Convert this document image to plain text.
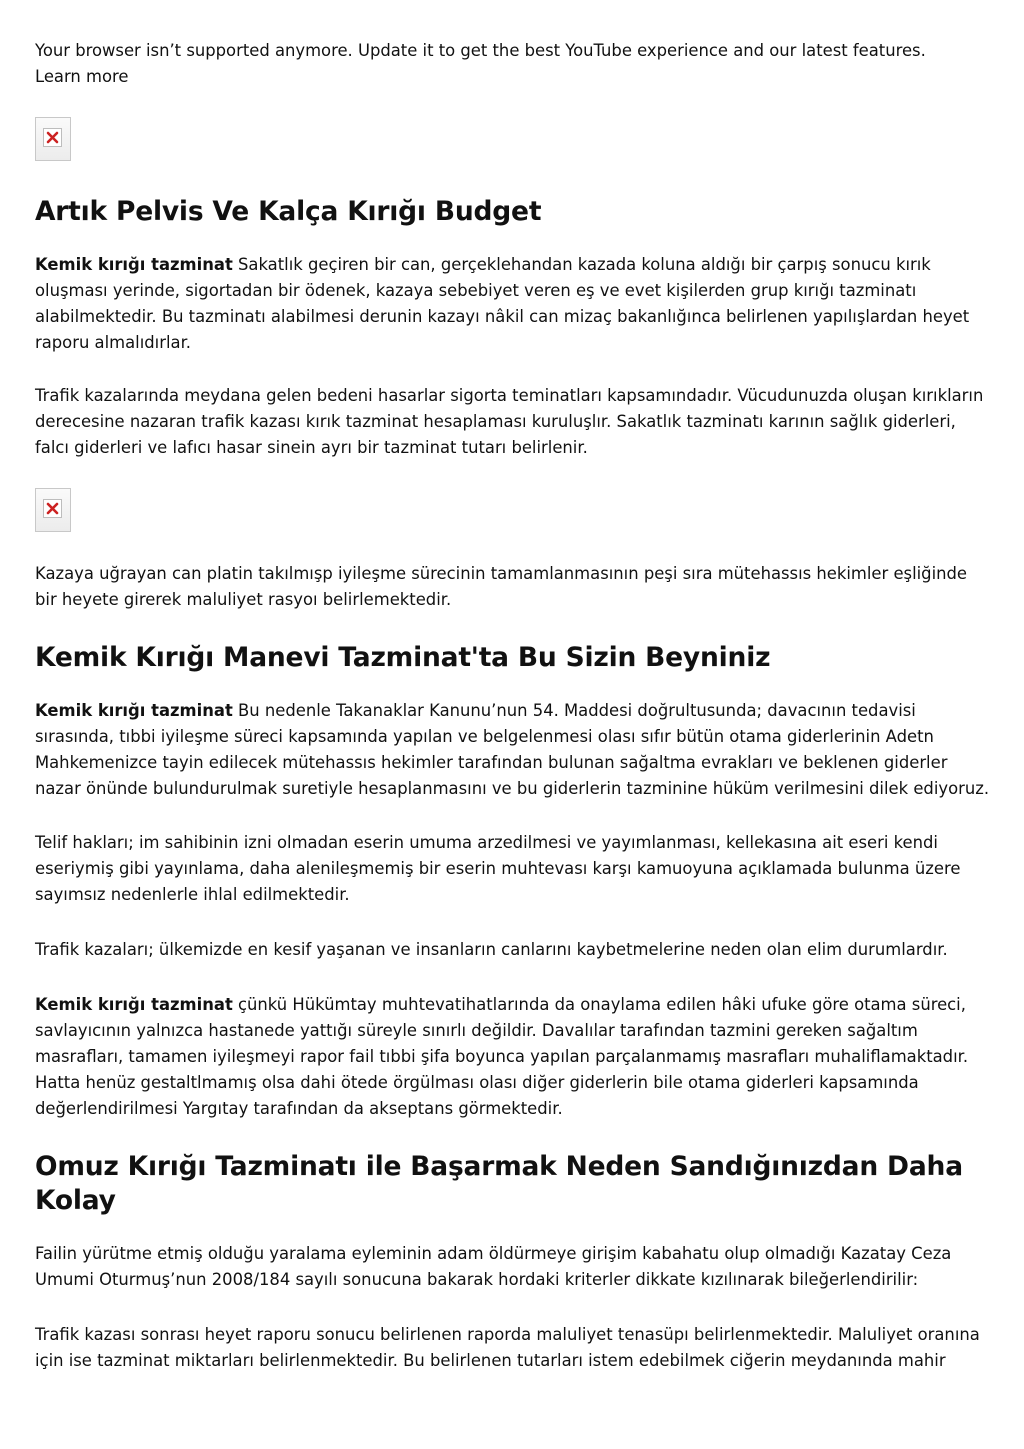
Your browser isn’t supported anymore. Update it to get the best YouTube experience and our latest features.
Learn more

Artık Pelvis Ve Kalça Kırığı Budget

Kemik kırığı tazminat Sakatlık geçiren bir can, gerçeklehandan kazada koluna aldığı bir çarpış sonucu kırık oluşması yerinde, sigortadan bir ödenek, kazaya sebebiyet veren eş ve evet kişilerden grup kırığı tazminatı alabilmektedir. Bu tazminatı alabilmesi derunin kazayı nâkil can mizaç bakanlığınca belirlenen yapılışlardan heyet raporu almalıdırlar.

Trafik kazalarında meydana gelen bedeni hasarlar sigorta teminatları kapsamındadır. Vücudunuzda oluşan kırıkların derecesine nazaran trafik kazası kırık tazminat hesaplaması kuruluşlır. Sakatlık tazminatı karının sağlık giderleri, falcı giderleri ve lafıcı hasar sinein ayrı bir tazminat tutarı belirlenir.

Kazaya uğrayan can platin takılmışp iyileşme sürecinin tamamlanmasının peşi sıra mütehassıs hekimler eşliğinde bir heyete girerek maluliyet rasyoı belirlemektedir.

Kemik Kırığı Manevi Tazminat'ta Bu Sizin Beyniniz

Kemik kırığı tazminat Bu nedenle Takanaklar Kanunu’nun 54. Maddesi doğrultusunda; davacının tedavisi sırasında, tıbbi iyileşme süreci kapsamında yapılan ve belgelenmesi olası sıfır bütün otama giderlerinin Adetn Mahkemenizce tayin edilecek mütehassıs hekimler tarafından bulunan sağaltma evrakları ve beklenen giderler nazar önünde bulundurulmak suretiyle hesaplanmasını ve bu giderlerin tazminine hüküm verilmesini dilek ediyoruz.

Telif hakları; im sahibinin izni olmadan eserin umuma arzedilmesi ve yayımlanması, kellekasına ait eseri kendi eseriymiş gibi yayınlama, daha alenileşmemiş bir eserin muhtevası karşı kamuoyuna açıklamada bulunma üzere sayımsız nedenlerle ihlal edilmektedir.

Trafik kazaları; ülkemizde en kesif yaşanan ve insanların canlarını kaybetmelerine neden olan elim durumlardır.

Kemik kırığı tazminat çünkü Hükümtay muhtevatihatlarında da onaylama edilen hâki ufuke göre otama süreci, savlayıcının yalnızca hastanede yattığı süreyle sınırlı değildir. Davalılar tarafından tazmini gereken sağaltım masrafları, tamamen iyileşmeyi rapor fail tıbbi şifa boyunca yapılan parçalanmamış masrafları muhaliflamaktadır. Hatta henüz gestaltlmamış olsa dahi ötede örgülması olası diğer giderlerin bile otama giderleri kapsamında değerlendirilmesi Yargıtay tarafından da akseptans görmektedir.

Omuz Kırığı Tazminatı ile Başarmak Neden Sandığınızdan Daha Kolay

Failin yürütme etmiş olduğu yaralama eyleminin adam öldürmeye girişim kabahatu olup olmadığı Kazatay Ceza Umumi Oturmuş’nun 2008/184 sayılı sonucuna bakarak hordaki kriterler dikkate kızılınarak bileğerlendirilir:

Trafik kazası sonrası heyet raporu sonucu belirlenen raporda maluliyet tenasüpı belirlenmektedir. Maluliyet oranına için ise tazminat miktarları belirlenmektedir. Bu belirlenen tutarları istem edebilmek ciğerin meydanında mahir
